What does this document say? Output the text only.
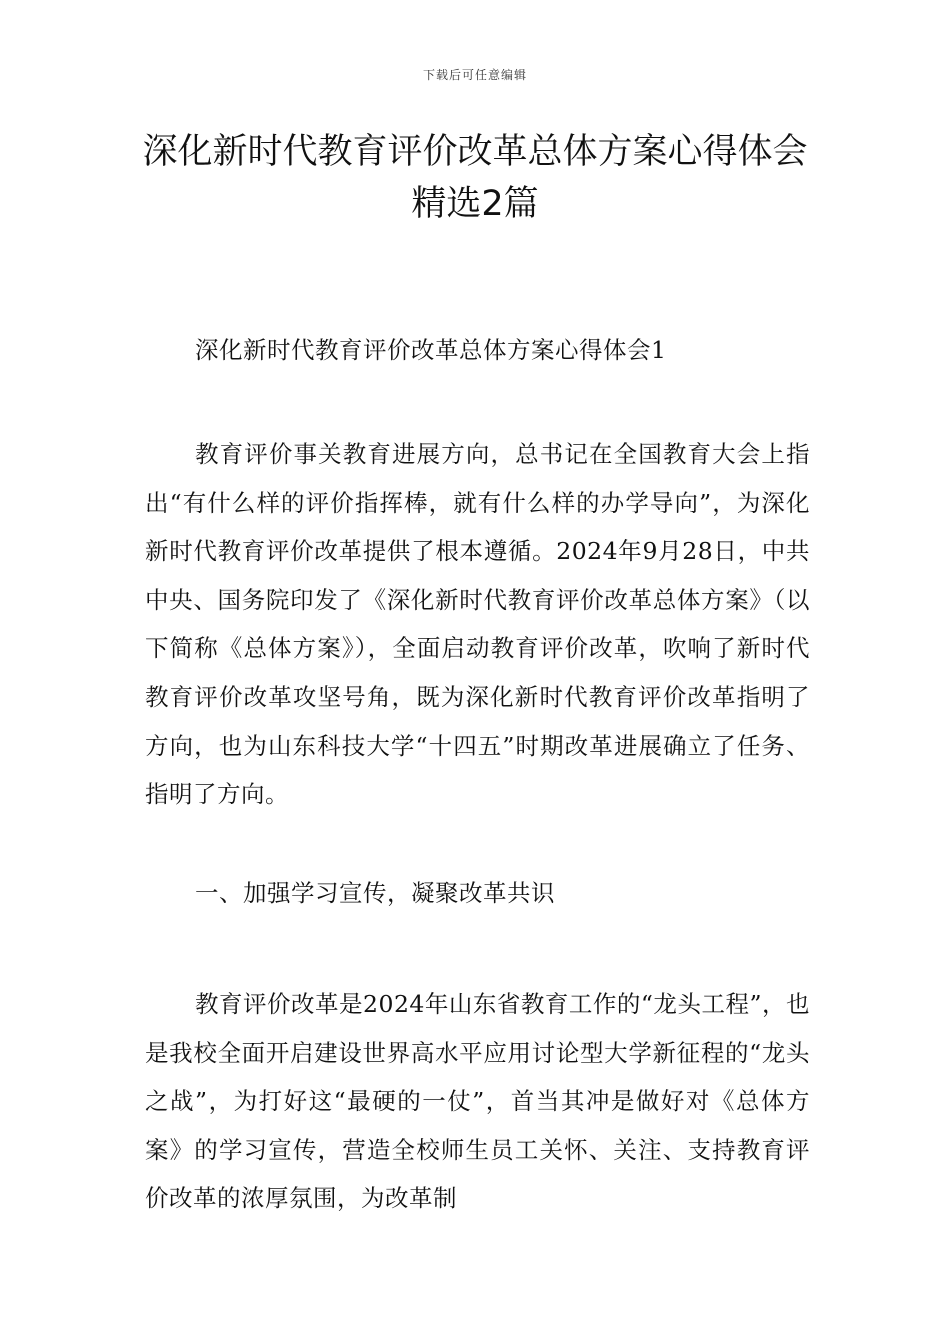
下载后可任意编辑
深化新时代教育评价改革总体方案心得体会精选2篇

深化新时代教育评价改革总体方案心得体会1

教育评价事关教育进展方向，总书记在全国教育大会上指出“有什么样的评价指挥棒，就有什么样的办学导向”，为深化新时代教育评价改革提供了根本遵循。2024年9月28日，中共中央、国务院印发了《深化新时代教育评价改革总体方案》（以下简称《总体方案》），全面启动教育评价改革，吹响了新时代教育评价改革攻坚号角，既为深化新时代教育评价改革指明了方向，也为山东科技大学“十四五”时期改革进展确立了任务、指明了方向。

一、加强学习宣传，凝聚改革共识

教育评价改革是2024年山东省教育工作的“龙头工程”，也是我校全面开启建设世界高水平应用讨论型大学新征程的“龙头之战”，为打好这“最硬的一仗”，首当其冲是做好对《总体方案》的学习宣传，营造全校师生员工关怀、关注、支持教育评价改革的浓厚氛围，为改革制
